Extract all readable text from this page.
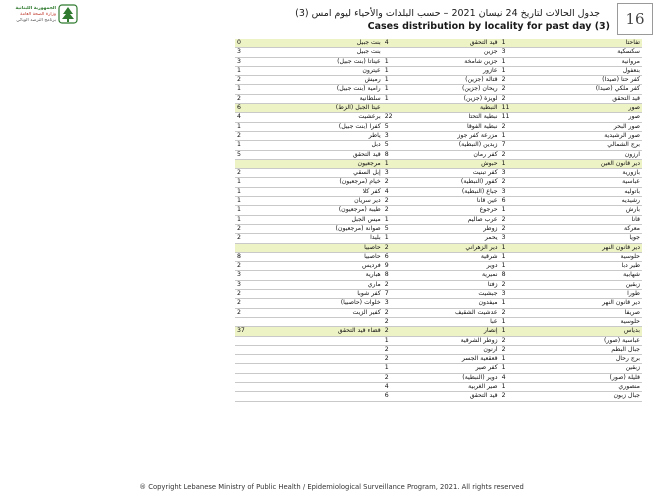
الجمهورية اللبنانية
وزارة الصحة العامة
برنامج الترصد الوبائي
جدول الحالات لتاريخ 24 نيسان 2021 – حسب البلدات والأحياء ليوم امس (3)
Cases distribution by locality for past day (3)	16
0	بنت جبيل	4	قيد التحقق	1	تفاحتا
3	بنت جبيل		جزين	3	سكسكية
3	عيناتا (بنت جبيل)	1	جزين شامخة	1	مروانية
1	عيترون	1	عازور	1	بنعفول
2	رميش	1	قتالة (جزين)	2	كفر حتا (صيدا)
1	رامية (بنت جبيل)	1	ريحان (جزين)	2	كفر ملكي (صيدا)
2	سلطانية	1	لويزة (جزين)	2	قيد التحقق
6	عيتا الجبل (الزط)		النبطية	11	صور
4	برعشيت	22	نبطية التحتا	11	صور
1	كفرا (بنت جبيل)	5	نبطية الفوقا	2	صور البحر
2	ياطر	3	مزرعة كفر جوز	1	صور الرشيدية
1	دبل	5	زبدين (النبطية)	7	برج الشمالي
5	قيد التحقق	8	كفر رمان	2	ارزون
	مرجعيون	1	حبوش	1	دير قانون العين
2	إبل السقي	3	كفر تبنيت	3	بازورية
1	خيام (مرجعيون)	2	كفور (النبطية)	2	عباسية
1	كفر كلا	4	جباع (النبطية)	3	باتوليه
1	دير سريان	2	عين قانا	6	رشيديه
1	طيبة (مرجعيون)	2	حرجوع	1	بارش
1	ميس الجبل	1	عرب صاليم	2	قانا
2	صوانة (مرجعيون)	5	زوطر	2	معركة
2	بليدا	1	يحمر	3	جويا
	حاصبيا	2	دير الزهراني	1	دير قانون النهر
8	حاصبيا	6	شرقية	1	حلوسية
2	فرديس	9	دوير	1	طير دبا
3	هبارية	8	نميرية	8	شهابية
3	ماري	2	زفتا	2	زبقين
2	كفر شوبا	7	جبشيت	3	طورا
2	خلوات (حاصبيا)	3	ميفدون	1	دير قانون النهر
2	كفير الزيت	2	عدشيت الشقيف	2	صريفا
		2	عبا	1	حلوسية
37	قضاء قيد التحقق	2	إنصار	1	بدياس
		1	زوطر الشرقية	2	عباسية (صور)
		2	أرنون	2	جبال البطم
		2	قعقعية الجسر	1	برج رحال
		1	كفر صير	1	زبقين
		2	دوير (النبطية)	4	قليلة (صور)
		4	صير الغربية	1	منصوري
		6	قيد التحقق	2	جبال زبون
® Copyright Lebanese Ministry of Public Health / Epidemiological Surveillance Program, 2021. All rights reserved
